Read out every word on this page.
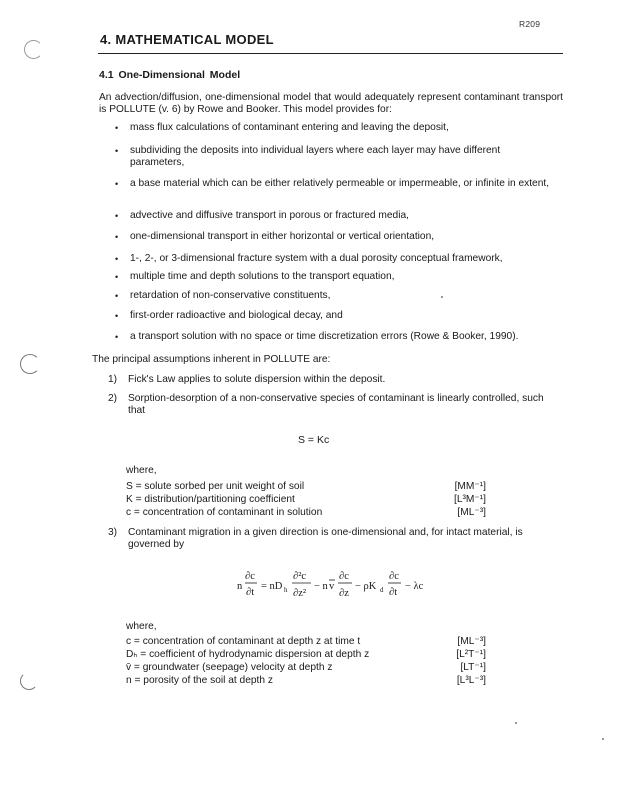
R209
4. MATHEMATICAL MODEL
4.1 One-Dimensional Model
An advection/diffusion, one-dimensional model that would adequately represent contaminant transport is POLLUTE (v. 6) by Rowe and Booker. This model provides for:
• mass flux calculations of contaminant entering and leaving the deposit,
• subdividing the deposits into individual layers where each layer may have different parameters,
• a base material which can be either relatively permeable or impermeable, or infinite in extent,
• advective and diffusive transport in porous or fractured media,
• one-dimensional transport in either horizontal or vertical orientation,
• 1-, 2-, or 3-dimensional fracture system with a dual porosity conceptual framework,
• multiple time and depth solutions to the transport equation,
• retardation of non-conservative constituents,
• first-order radioactive and biological decay, and
• a transport solution with no space or time discretization errors (Rowe & Booker, 1990).
The principal assumptions inherent in POLLUTE are:
1) Fick's Law applies to solute dispersion within the deposit.
2) Sorption-desorption of a non-conservative species of contaminant is linearly controlled, such that
S = Kc
where,
S = solute sorbed per unit weight of soil	[MM⁻¹]
K = distribution/partitioning coefficient	[L³M⁻¹]
c = concentration of contaminant in solution	[ML⁻³]
3) Contaminant migration in a given direction is one-dimensional and, for intact material, is governed by
n
∂c
∂t
= nD h
∂²c
∂z²
− n v
∂c
∂z
− ρK d
∂c
∂t
− λc
where,
c = concentration of contaminant at depth z at time t	[ML⁻³]
Dₕ = coefficient of hydrodynamic dispersion at depth z	[L²T⁻¹]
v̄ = groundwater (seepage) velocity at depth z	[LT⁻¹]
n = porosity of the soil at depth z	[L³L⁻³]
